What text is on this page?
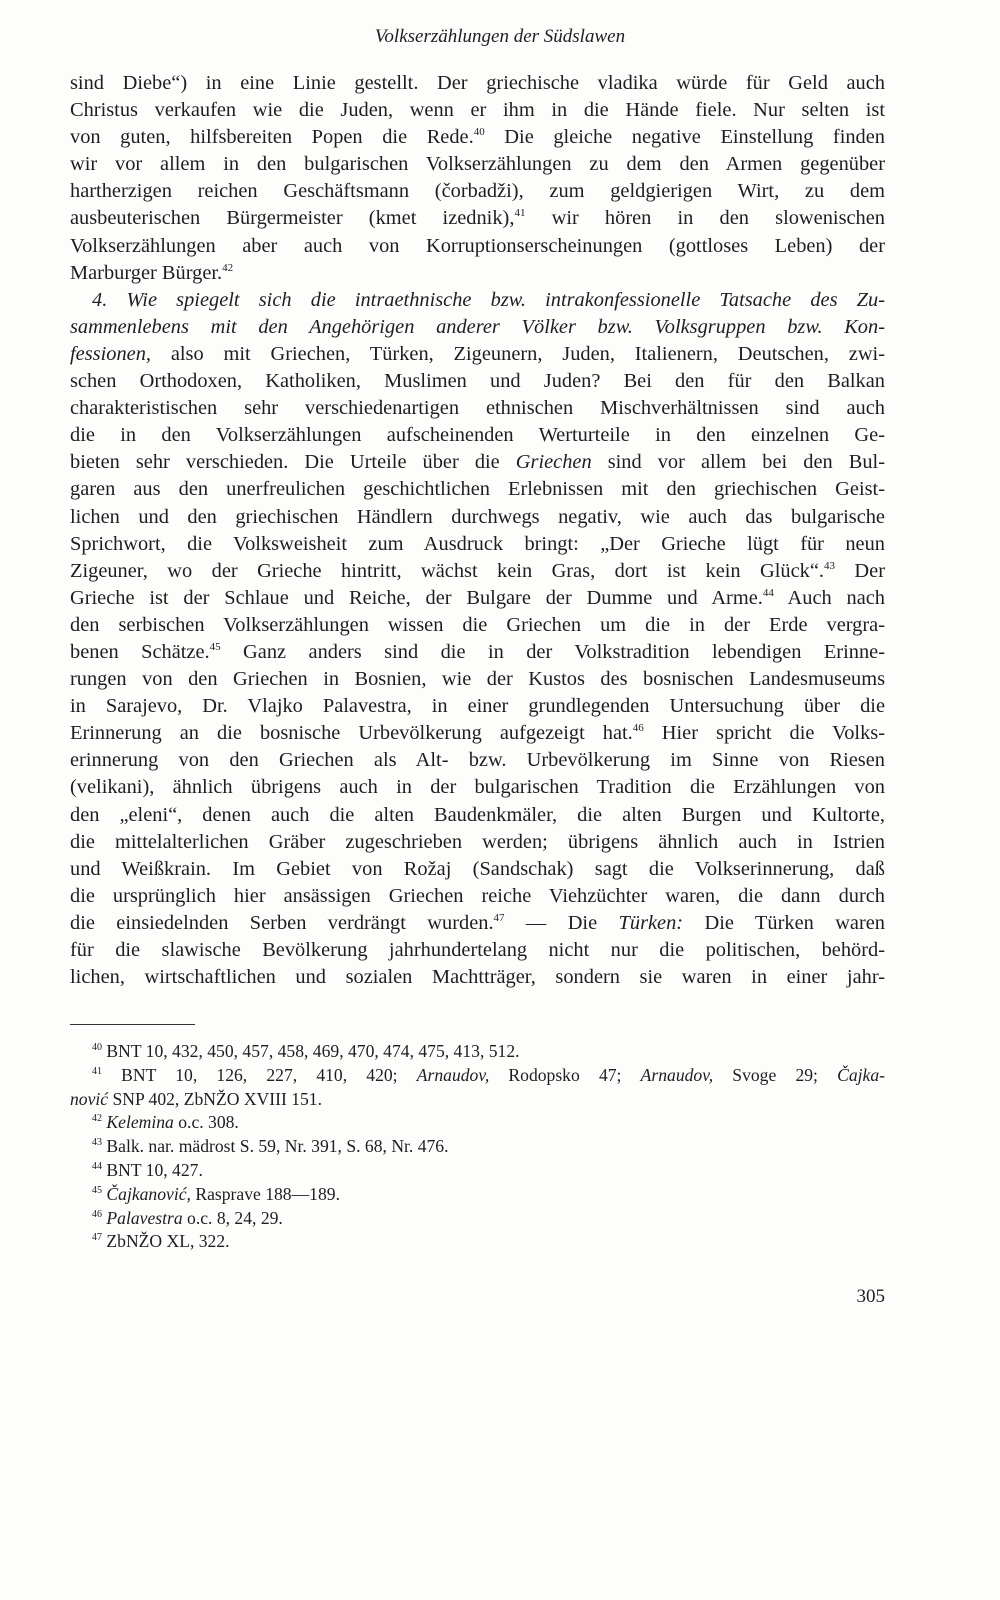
Volkserzählungen der Südslawen
sind Diebe“) in eine Linie gestellt. Der griechische vladika würde für Geld auch
Christus verkaufen wie die Juden, wenn er ihm in die Hände fiele. Nur selten ist
von guten, hilfsbereiten Popen die Rede.$^{40}$ Die gleiche negative Einstellung finden
wir vor allem in den bulgarischen Volkserzählungen zu dem den Armen gegenüber
hartherzigen reichen Geschäftsmann (čorbadži), zum geldgierigen Wirt, zu dem
ausbeuterischen Bürgermeister (kmet izednik),$^{41}$ wir hören in den slowenischen
Volkserzählungen aber auch von Korruptionserscheinungen (gottloses Leben) der
Marburger Bürger.$^{42}$
4. Wie spiegelt sich die intraethnische bzw. intrakonfessionelle Tatsache des Zu-
sammenlebens mit den Angehörigen anderer Völker bzw. Volksgruppen bzw. Kon-
fessionen, also mit Griechen, Türken, Zigeunern, Juden, Italienern, Deutschen, zwi-
schen Orthodoxen, Katholiken, Muslimen und Juden? Bei den für den Balkan
charakteristischen sehr verschiedenartigen ethnischen Mischverhältnissen sind auch
die in den Volkserzählungen aufscheinenden Werturteile in den einzelnen Ge-
bieten sehr verschieden. Die Urteile über die Griechen sind vor allem bei den Bul-
garen aus den unerfreulichen geschichtlichen Erlebnissen mit den griechischen Geist-
lichen und den griechischen Händlern durchwegs negativ, wie auch das bulgarische
Sprichwort, die Volksweisheit zum Ausdruck bringt: „Der Grieche lügt für neun
Zigeuner, wo der Grieche hintritt, wächst kein Gras, dort ist kein Glück“.$^{43}$ Der
Grieche ist der Schlaue und Reiche, der Bulgare der Dumme und Arme.$^{44}$ Auch nach
den serbischen Volkserzählungen wissen die Griechen um die in der Erde vergra-
benen Schätze.$^{45}$ Ganz anders sind die in der Volkstradition lebendigen Erinne-
rungen von den Griechen in Bosnien, wie der Kustos des bosnischen Landesmuseums
in Sarajevo, Dr. Vlajko Palavestra, in einer grundlegenden Untersuchung über die
Erinnerung an die bosnische Urbevölkerung aufgezeigt hat.$^{46}$ Hier spricht die Volks-
erinnerung von den Griechen als Alt- bzw. Urbevölkerung im Sinne von Riesen
(velikani), ähnlich übrigens auch in der bulgarischen Tradition die Erzählungen von
den „eleni“, denen auch die alten Baudenkmäler, die alten Burgen und Kultorte,
die mittelalterlichen Gräber zugeschrieben werden; übrigens ähnlich auch in Istrien
und Weißkrain. Im Gebiet von Rožaj (Sandschak) sagt die Volkserinnerung, daß
die ursprünglich hier ansässigen Griechen reiche Viehzüchter waren, die dann durch
die einsiedelnden Serben verdrängt wurden.$^{47}$ — Die Türken: Die Türken waren
für die slawische Bevölkerung jahrhundertelang nicht nur die politischen, behörd-
lichen, wirtschaftlichen und sozialen Machtträger, sondern sie waren in einer jahr-
$^{40}$ BNT 10, 432, 450, 457, 458, 469, 470, 474, 475, 413, 512.
$^{41}$ BNT 10, 126, 227, 410, 420; Arnaudov, Rodopsko 47; Arnaudov, Svoge 29; Čajka-
nović SNP 402, ZbNŽO XVIII 151.
$^{42}$ Kelemina o.c. 308.
$^{43}$ Balk. nar. mädrost S. 59, Nr. 391, S. 68, Nr. 476.
$^{44}$ BNT 10, 427.
$^{45}$ Čajkanović, Rasprave 188—189.
$^{46}$ Palavestra o.c. 8, 24, 29.
$^{47}$ ZbNŽO XL, 322.
305
